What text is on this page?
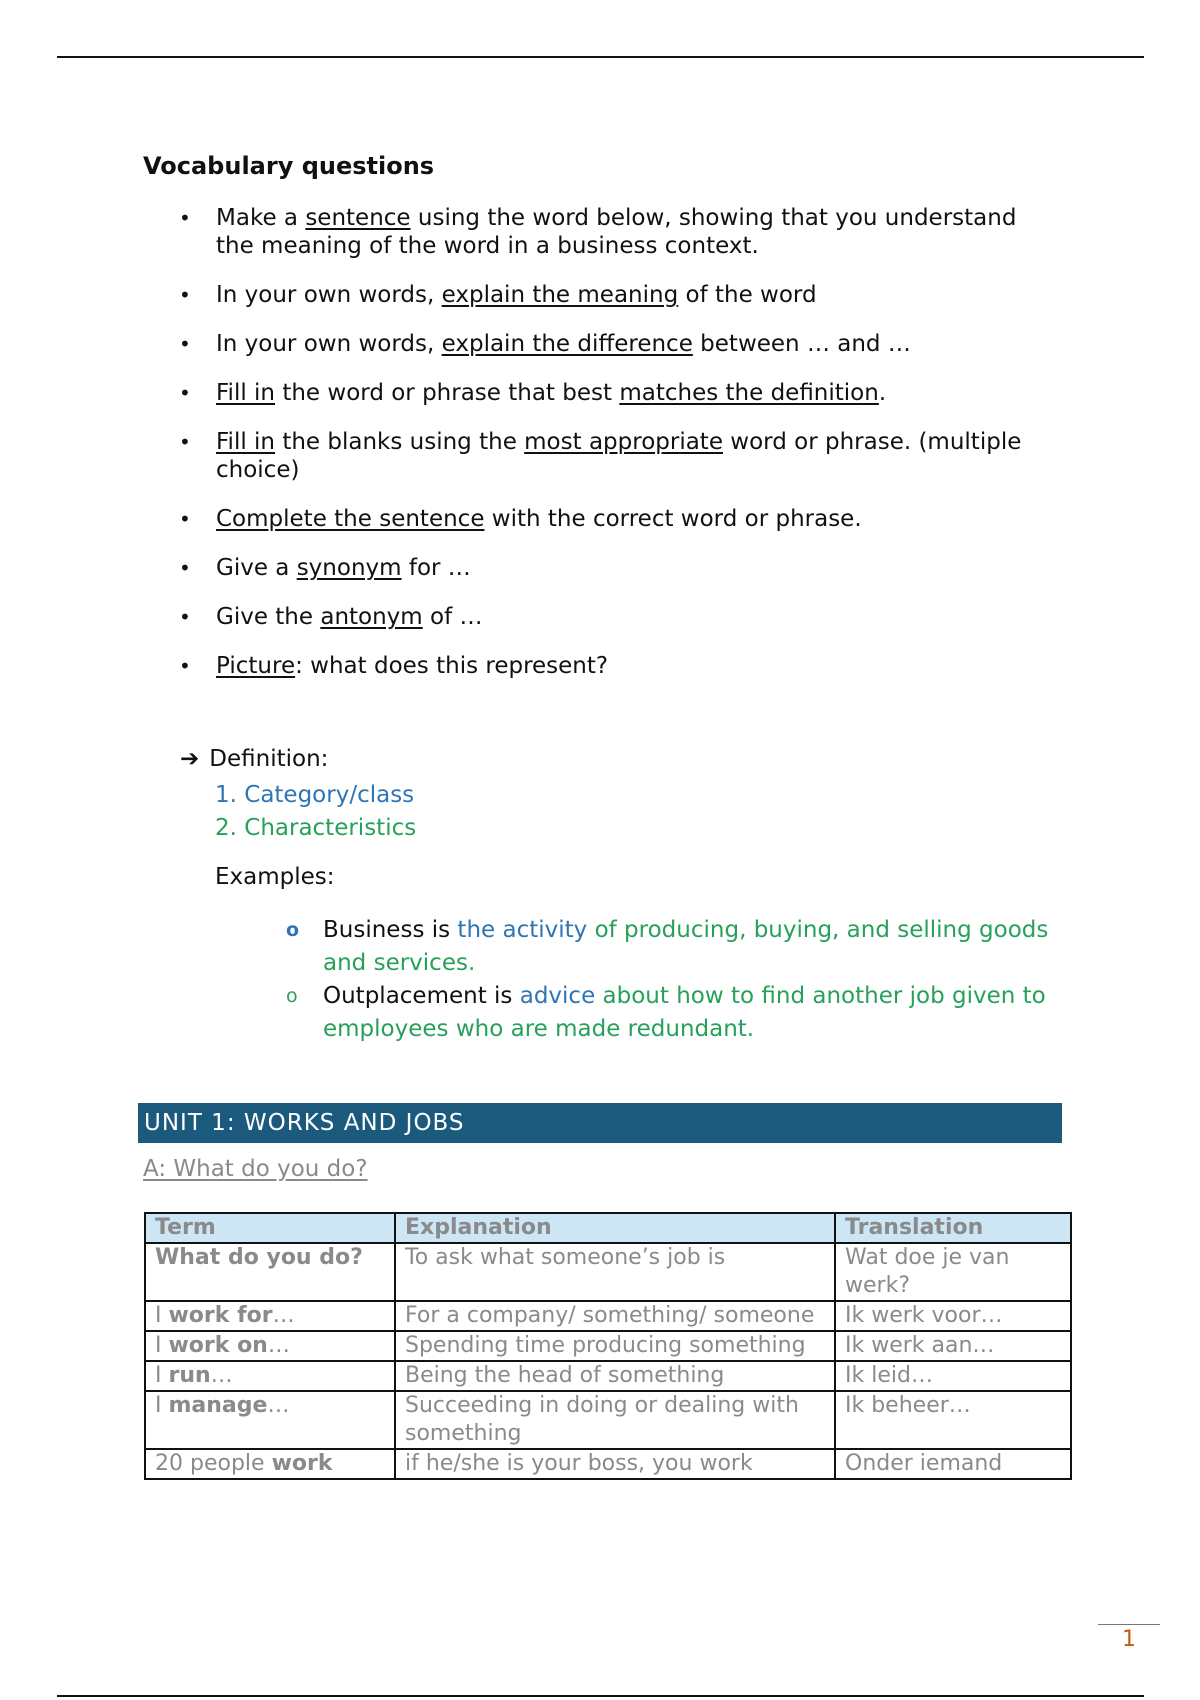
Vocabulary questions
• Make a sentence using the word below, showing that you understand the meaning of the word in a business context.
• In your own words, explain the meaning of the word
• In your own words, explain the difference between … and …
• Fill in the word or phrase that best matches the definition.
• Fill in the blanks using the most appropriate word or phrase. (multiple choice)
• Complete the sentence with the correct word or phrase.
• Give a synonym for …
• Give the antonym of …
• Picture: what does this represent?
➔ Definition:
1. Category/class
2. Characteristics
Examples:
o Business is the activity of producing, buying, and selling goods and services.
o Outplacement is advice about how to find another job given to employees who are made redundant.
UNIT 1: WORKS AND JOBS
A: What do you do?
Term	Explanation	Translation
What do you do?	To ask what someone’s job is	Wat doe je van werk?
I work for…	For a company/ something/ someone	Ik werk voor…
I work on…	Spending time producing something	Ik werk aan…
I run…	Being the head of something	Ik leid…
I manage…	Succeeding in doing or dealing with something	Ik beheer…
20 people work	if he/she is your boss, you work	Onder iemand
1
